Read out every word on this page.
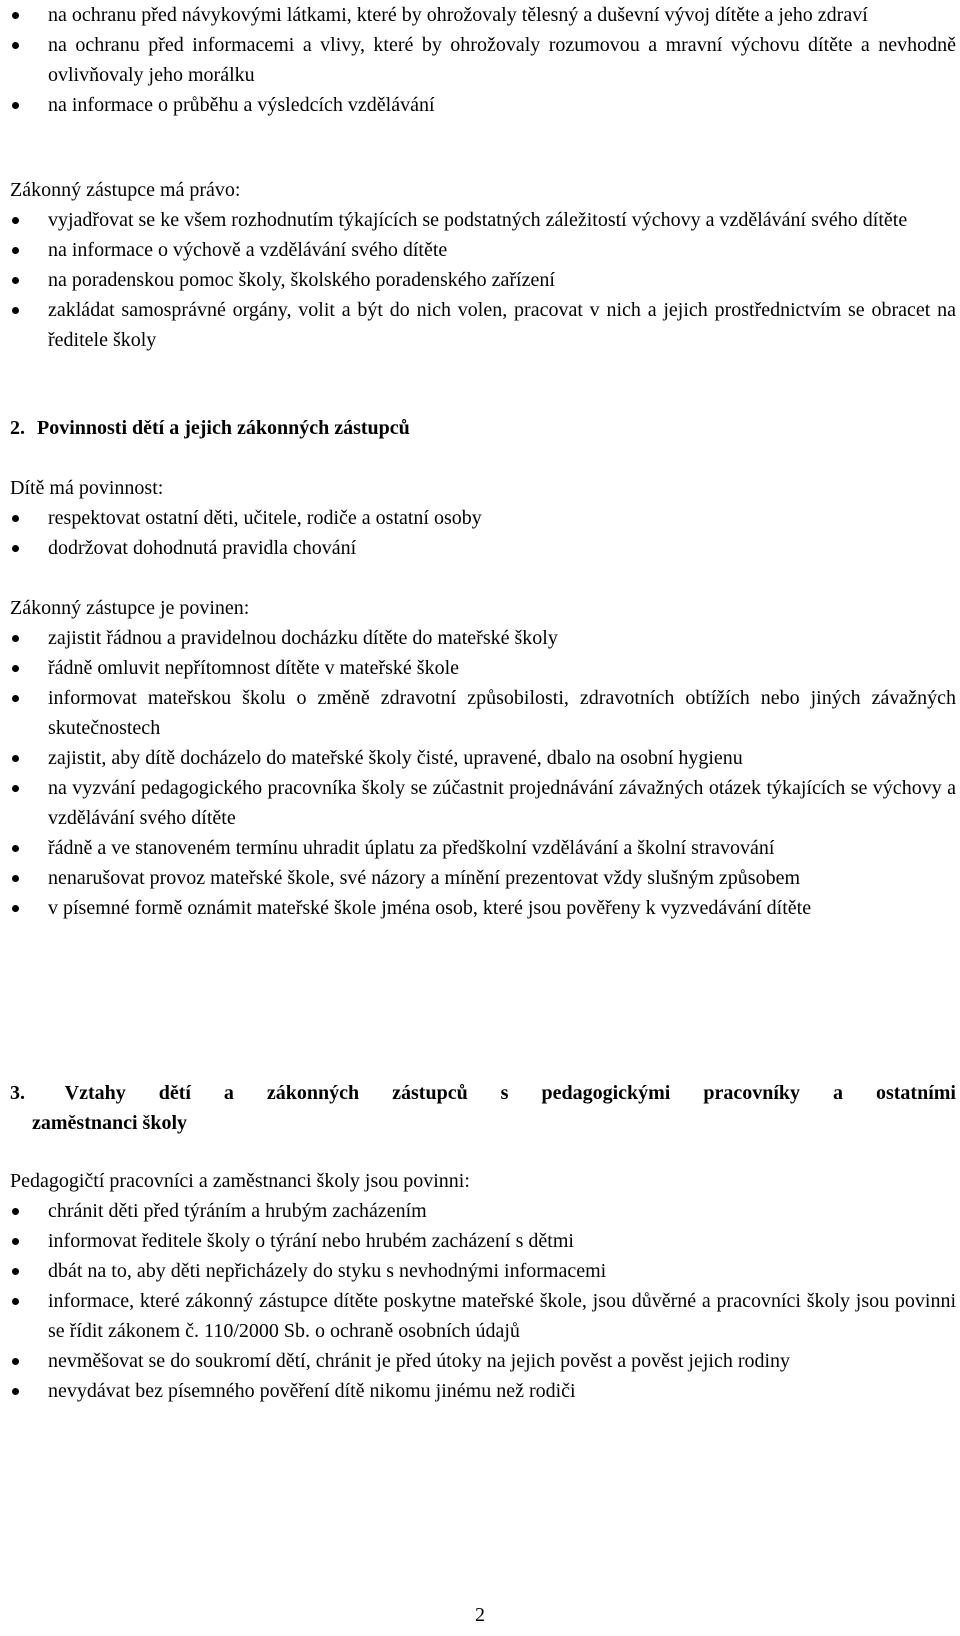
na ochranu před návykovými látkami, které by ohrožovaly tělesný a duševní vývoj dítěte a jeho zdraví
na ochranu před informacemi a vlivy, které by ohrožovaly rozumovou a mravní výchovu dítěte a nevhodně ovlivňovaly jeho morálku
na informace o průběhu a výsledcích vzdělávání
Zákonný zástupce má právo:
vyjadřovat se ke všem rozhodnutím týkajících se podstatných záležitostí výchovy a vzdělávání svého dítěte
na informace o výchově a vzdělávání svého dítěte
na poradenskou pomoc školy, školského poradenského zařízení
zakládat samosprávné orgány, volit a být do nich volen, pracovat v nich a jejich prostřednictvím se obracet na ředitele školy
2. Povinnosti dětí a jejich zákonných zástupců
Dítě má povinnost:
respektovat ostatní děti, učitele, rodiče a ostatní osoby
dodržovat dohodnutá pravidla chování
Zákonný zástupce je povinen:
zajistit řádnou a pravidelnou docházku dítěte do mateřské školy
řádně omluvit nepřítomnost dítěte v mateřské škole
informovat mateřskou školu o změně zdravotní způsobilosti, zdravotních obtížích nebo jiných závažných skutečnostech
zajistit, aby dítě docházelo do mateřské školy čisté, upravené, dbalo na osobní hygienu
na vyzvání pedagogického pracovníka školy se zúčastnit projednávání závažných otázek týkajících se výchovy a vzdělávání svého dítěte
řádně a ve stanoveném termínu uhradit úplatu za předškolní vzdělávání a školní stravování
nenarušovat provoz mateřské škole, své názory a mínění prezentovat vždy slušným způsobem
v písemné formě oznámit mateřské škole jména osob, které jsou pověřeny k vyzvedávání dítěte
3. Vztahy dětí a zákonných zástupců s pedagogickými pracovníky a ostatními
zaměstnanci školy
Pedagogičtí pracovníci a zaměstnanci školy jsou povinni:
chránit děti před týráním a hrubým zacházením
informovat ředitele školy o týrání nebo hrubém zacházení s dětmi
dbát na to, aby děti nepřicházely do styku s nevhodnými informacemi
informace, které zákonný zástupce dítěte poskytne mateřské škole, jsou důvěrné a pracovníci školy jsou povinni se řídit zákonem č. 110/2000 Sb. o ochraně osobních údajů
nevměšovat se do soukromí dětí, chránit je před útoky na jejich pověst a pověst jejich rodiny
nevydávat bez písemného pověření dítě nikomu jinému než rodiči
2
